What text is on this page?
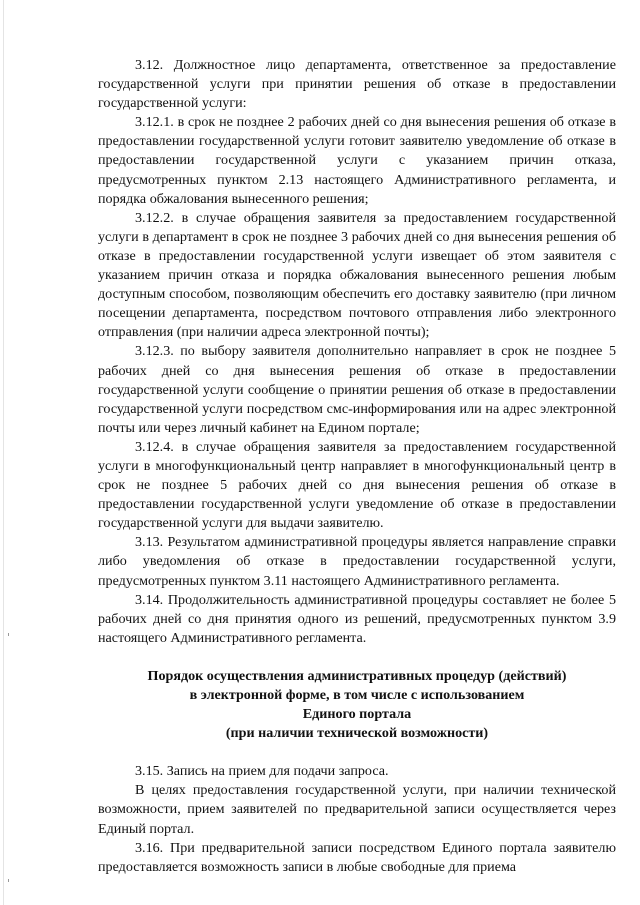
3.12. Должностное лицо департамента, ответственное за предоставление государственной услуги при принятии решения об отказе в предоставлении государственной услуги:

3.12.1. в срок не позднее 2 рабочих дней со дня вынесения решения об отказе в предоставлении государственной услуги готовит заявителю уведомление об отказе в предоставлении государственной услуги с указанием причин отказа, предусмотренных пунктом 2.13 настоящего Административного регламента, и порядка обжалования вынесенного решения;

3.12.2. в случае обращения заявителя за предоставлением государственной услуги в департамент в срок не позднее 3 рабочих дней со дня вынесения решения об отказе в предоставлении государственной услуги извещает об этом заявителя с указанием причин отказа и порядка обжалования вынесенного решения любым доступным способом, позволяющим обеспечить его доставку заявителю (при личном посещении департамента, посредством почтового отправления либо электронного отправления (при наличии адреса электронной почты);

3.12.3. по выбору заявителя дополнительно направляет в срок не позднее 5 рабочих дней со дня вынесения решения об отказе в предоставлении государственной услуги сообщение о принятии решения об отказе в предоставлении государственной услуги посредством смс-информирования или на адрес электронной почты или через личный кабинет на Едином портале;

3.12.4. в случае обращения заявителя за предоставлением государственной услуги в многофункциональный центр направляет в многофункциональный центр в срок не позднее 5 рабочих дней со дня вынесения решения об отказе в предоставлении государственной услуги уведомление об отказе в предоставлении государственной услуги для выдачи заявителю.

3.13. Результатом административной процедуры является направление справки либо уведомления об отказе в предоставлении государственной услуги, предусмотренных пунктом 3.11 настоящего Административного регламента.

3.14. Продолжительность административной процедуры составляет не более 5 рабочих дней со дня принятия одного из решений, предусмотренных пунктом 3.9 настоящего Административного регламента.

Порядок осуществления административных процедур (действий)

в электронной форме, в том числе с использованием

Единого портала

(при наличии технической возможности)

3.15. Запись на прием для подачи запроса.

В целях предоставления государственной услуги, при наличии технической возможности, прием заявителей по предварительной записи осуществляется через Единый портал.

3.16. При предварительной записи посредством Единого портала заявителю предоставляется возможность записи в любые свободные для приема
